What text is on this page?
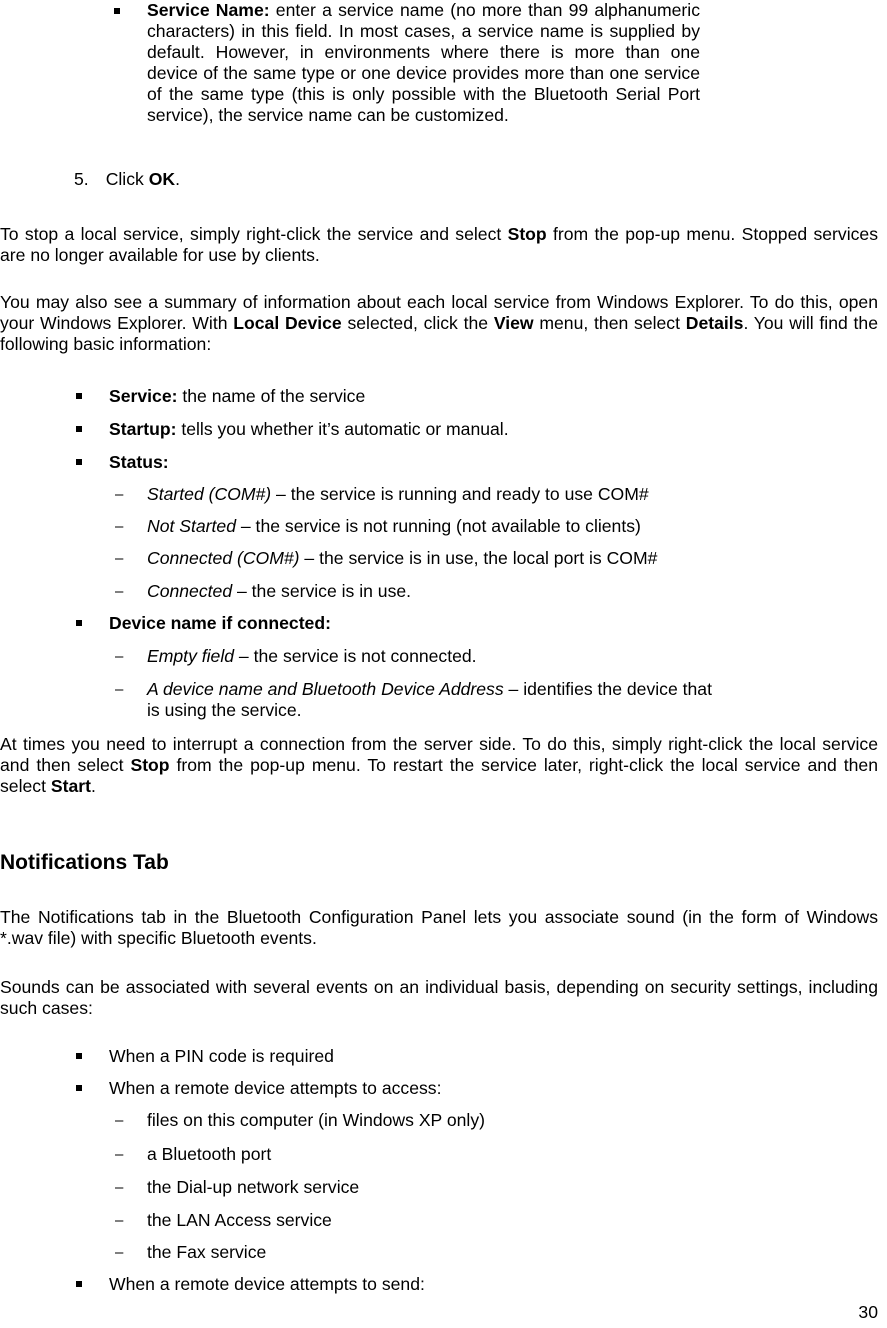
Service Name: enter a service name (no more than 99 alphanumeric characters) in this field. In most cases, a service name is supplied by default. However, in environments where there is more than one device of the same type or one device provides more than one service of the same type (this is only possible with the Bluetooth Serial Port service), the service name can be customized.

5. Click OK.

To stop a local service, simply right-click the service and select Stop from the pop-up menu. Stopped services are no longer available for use by clients.

You may also see a summary of information about each local service from Windows Explorer. To do this, open your Windows Explorer. With Local Device selected, click the View menu, then select Details. You will find the following basic information:

Service: the name of the service

Startup: tells you whether it’s automatic or manual.

Status:

– Started (COM#) – the service is running and ready to use COM#

– Not Started – the service is not running (not available to clients)

– Connected (COM#) – the service is in use, the local port is COM#

– Connected – the service is in use.

Device name if connected:

– Empty field – the service is not connected.

– A device name and Bluetooth Device Address – identifies the device that is using the service.

At times you need to interrupt a connection from the server side. To do this, simply right-click the local service and then select Stop from the pop-up menu. To restart the service later, right-click the local service and then select Start.

Notifications Tab

The Notifications tab in the Bluetooth Configuration Panel lets you associate sound (in the form of Windows *.wav file) with specific Bluetooth events.

Sounds can be associated with several events on an individual basis, depending on security settings, including such cases:

When a PIN code is required

When a remote device attempts to access:

– files on this computer (in Windows XP only)

– a Bluetooth port

– the Dial-up network service

– the LAN Access service

– the Fax service

When a remote device attempts to send:

30
